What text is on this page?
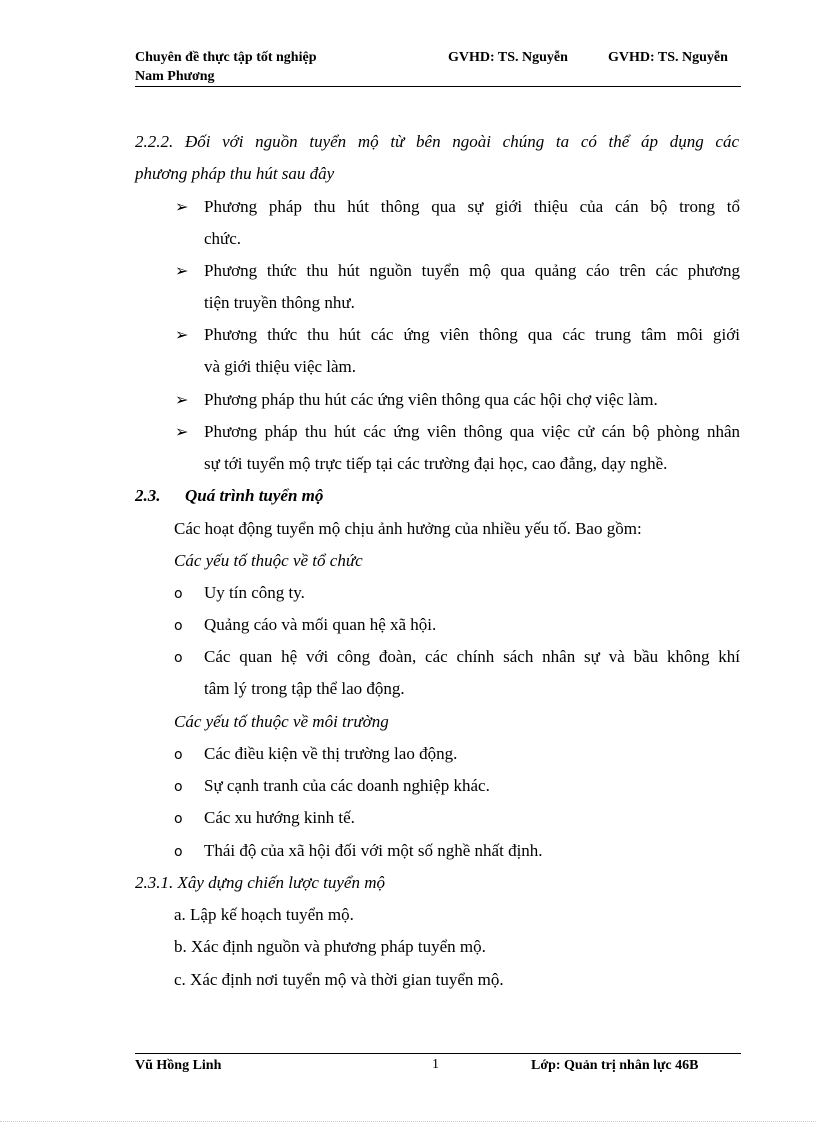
Chuyên đề thực tập tốt nghiệp
Nam Phương
GVHD: TS. Nguyễn	GVHD: TS. Nguyễn
2.2.2. Đối với nguồn tuyển mộ từ bên ngoài chúng ta có thể áp dụng các
phương pháp thu hút sau đây
➢ Phương pháp thu hút thông qua sự giới thiệu của cán bộ trong tổ
chức.
➢ Phương thức thu hút nguồn tuyển mộ qua quảng cáo trên các phương
tiện truyền thông như.
➢ Phương thức thu hút các ứng viên thông qua các trung tâm môi giới
và giới thiệu việc làm.
➢ Phương pháp thu hút các ứng viên thông qua các hội chợ việc làm.
➢ Phương pháp thu hút các ứng viên thông qua việc cử cán bộ phòng nhân
sự tới tuyển mộ trực tiếp tại các trường đại học, cao đẳng, dạy nghề.
2.3. Quá trình tuyển mộ
Các hoạt động tuyển mộ chịu ảnh hưởng của nhiều yếu tố. Bao gồm:
Các yếu tố thuộc về tổ chức
o Uy tín công ty.
o Quảng cáo và mối quan hệ xã hội.
o Các quan hệ với công đoàn, các chính sách nhân sự và bầu không khí
tâm lý trong tập thể lao động.
Các yếu tố thuộc về môi trường
o Các điều kiện về thị trường lao động.
o Sự cạnh tranh của các doanh nghiệp khác.
o Các xu hướng kinh tế.
o Thái độ của xã hội đối với một số nghề nhất định.
2.3.1. Xây dựng chiến lược tuyển mộ
a. Lập kế hoạch tuyển mộ.
b. Xác định nguồn và phương pháp tuyển mộ.
c. Xác định nơi tuyển mộ và thời gian tuyển mộ.
Vũ Hồng Linh	1	Lớp: Quản trị nhân lực 46B
